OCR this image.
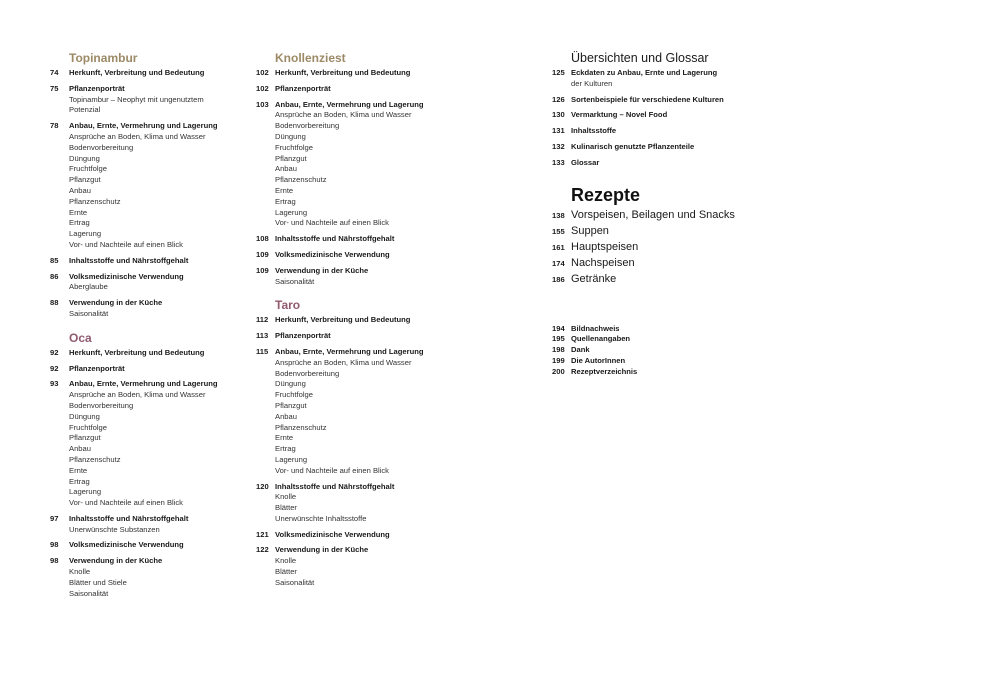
Topinambur
74	Herkunft, Verbreitung und Bedeutung
75	Pflanzenporträt
Topinambur – Neophyt mit ungenutztem
Potenzial
78	Anbau, Ernte, Vermehrung und Lagerung
Ansprüche an Boden, Klima und Wasser
Bodenvorbereitung
Düngung
Fruchtfolge
Pflanzgut
Anbau
Pflanzenschutz
Ernte
Ertrag
Lagerung
Vor- und Nachteile auf einen Blick
85	Inhaltsstoffe und Nährstoffgehalt
86	Volksmedizinische Verwendung
Aberglaube
88	Verwendung in der Küche
Saisonalität
Oca
92	Herkunft, Verbreitung und Bedeutung
92	Pflanzenporträt
93	Anbau, Ernte, Vermehrung und Lagerung
Ansprüche an Boden, Klima und Wasser
Bodenvorbereitung
Düngung
Fruchtfolge
Pflanzgut
Anbau
Pflanzenschutz
Ernte
Ertrag
Lagerung
Vor- und Nachteile auf einen Blick
97	Inhaltsstoffe und Nährstoffgehalt
Unerwünschte Substanzen
98	Volksmedizinische Verwendung
98	Verwendung in der Küche
Knolle
Blätter und Stiele
Saisonalität
Knollenziest
102 Herkunft, Verbreitung und Bedeutung
102 Pflanzenporträt
103 Anbau, Ernte, Vermehrung und Lagerung
Ansprüche an Boden, Klima und Wasser
Bodenvorbereitung
Düngung
Fruchtfolge
Pflanzgut
Anbau
Pflanzenschutz
Ernte
Ertrag
Lagerung
Vor- und Nachteile auf einen Blick
108 Inhaltsstoffe und Nährstoffgehalt
109 Volksmedizinische Verwendung
109 Verwendung in der Küche
Saisonalität
Taro
112 Herkunft, Verbreitung und Bedeutung
113 Pflanzenporträt
115 Anbau, Ernte, Vermehrung und Lagerung
Ansprüche an Boden, Klima und Wasser
Bodenvorbereitung
Düngung
Fruchtfolge
Pflanzgut
Anbau
Pflanzenschutz
Ernte
Ertrag
Lagerung
Vor- und Nachteile auf einen Blick
120 Inhaltsstoffe und Nährstoffgehalt
Knolle
Blätter
Unerwünschte Inhaltsstoffe
121 Volksmedizinische Verwendung
122 Verwendung in der Küche
Knolle
Blätter
Saisonalität
Übersichten und Glossar
125 Eckdaten zu Anbau, Ernte und Lagerung
der Kulturen
126 Sortenbeispiele für verschiedene Kulturen
130 Vermarktung – Novel Food
131 Inhaltsstoffe
132 Kulinarisch genutzte Pflanzenteile
133 Glossar
Rezepte
138 Vorspeisen, Beilagen und Snacks
155 Suppen
161 Hauptspeisen
174 Nachspeisen
186 Getränke
194 Bildnachweis
195 Quellenangaben
198 Dank
199 Die AutorInnen
200 Rezeptverzeichnis
